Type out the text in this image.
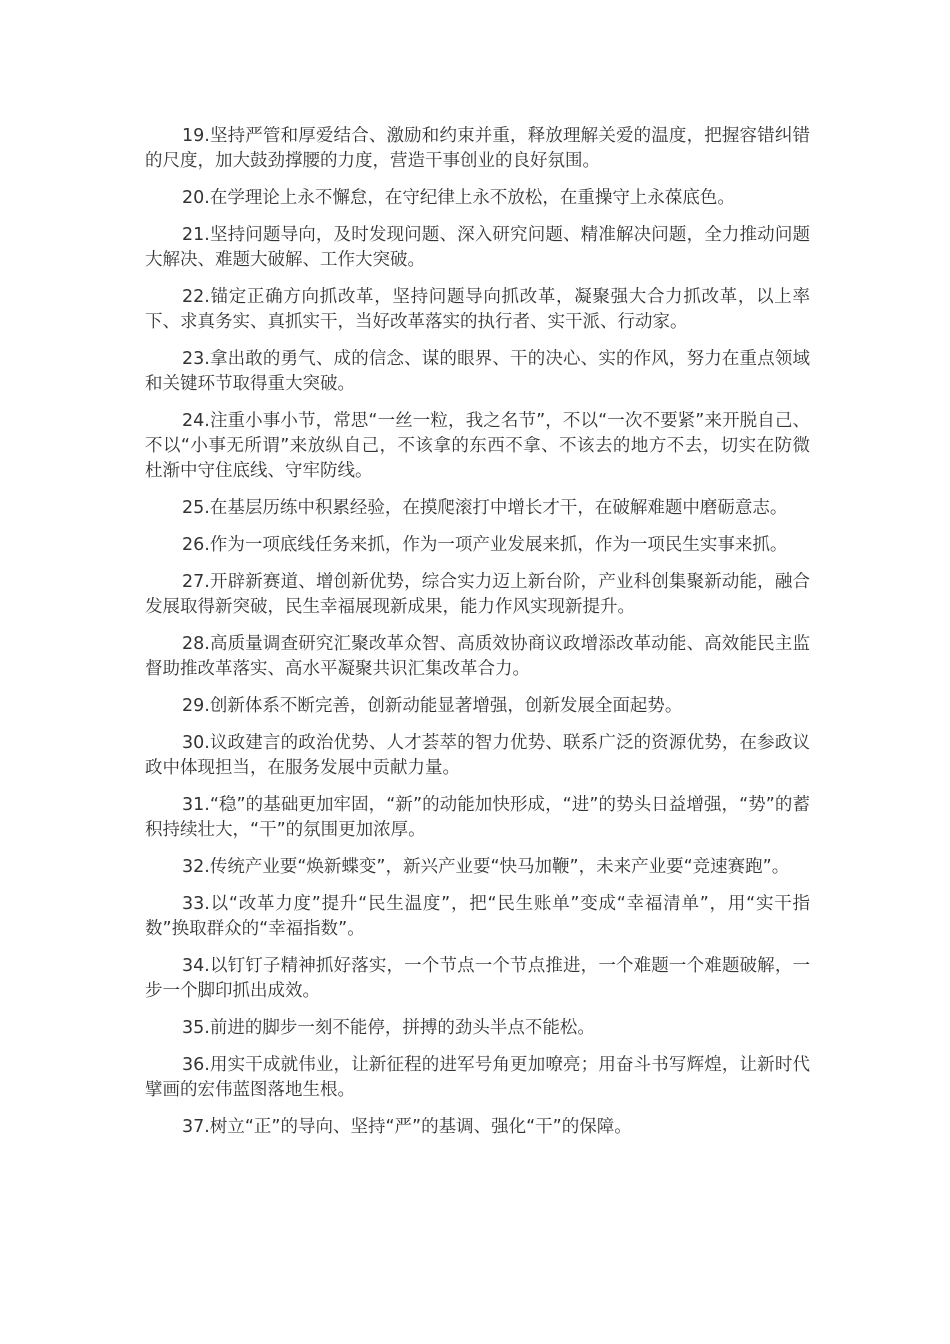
19.坚持严管和厚爱结合、激励和约束并重，释放理解关爱的温度，把握容错纠错的尺度，加大鼓劲撑腰的力度，营造干事创业的良好氛围。

20.在学理论上永不懈怠，在守纪律上永不放松，在重操守上永葆底色。

21.坚持问题导向，及时发现问题、深入研究问题、精准解决问题，全力推动问题大解决、难题大破解、工作大突破。

22.锚定正确方向抓改革，坚持问题导向抓改革，凝聚强大合力抓改革，以上率下、求真务实、真抓实干，当好改革落实的执行者、实干派、行动家。

23.拿出敢的勇气、成的信念、谋的眼界、干的决心、实的作风，努力在重点领域和关键环节取得重大突破。

24.注重小事小节，常思“一丝一粒，我之名节”，不以“一次不要紧”来开脱自己、不以“小事无所谓”来放纵自己，不该拿的东西不拿、不该去的地方不去，切实在防微杜渐中守住底线、守牢防线。

25.在基层历练中积累经验，在摸爬滚打中增长才干，在破解难题中磨砺意志。

26.作为一项底线任务来抓，作为一项产业发展来抓，作为一项民生实事来抓。

27.开辟新赛道、增创新优势，综合实力迈上新台阶，产业科创集聚新动能，融合发展取得新突破，民生幸福展现新成果，能力作风实现新提升。

28.高质量调查研究汇聚改革众智、高质效协商议政增添改革动能、高效能民主监督助推改革落实、高水平凝聚共识汇集改革合力。

29.创新体系不断完善，创新动能显著增强，创新发展全面起势。

30.议政建言的政治优势、人才荟萃的智力优势、联系广泛的资源优势，在参政议政中体现担当，在服务发展中贡献力量。

31.“稳”的基础更加牢固，“新”的动能加快形成，“进”的势头日益增强，“势”的蓄积持续壮大，“干”的氛围更加浓厚。

32.传统产业要“焕新蝶变”，新兴产业要“快马加鞭”，未来产业要“竞速赛跑”。

33.以“改革力度”提升“民生温度”，把“民生账单”变成“幸福清单”，用“实干指数”换取群众的“幸福指数”。

34.以钉钉子精神抓好落实，一个节点一个节点推进，一个难题一个难题破解，一步一个脚印抓出成效。

35.前进的脚步一刻不能停，拼搏的劲头半点不能松。

36.用实干成就伟业，让新征程的进军号角更加嘹亮；用奋斗书写辉煌，让新时代擘画的宏伟蓝图落地生根。

37.树立“正”的导向、坚持“严”的基调、强化“干”的保障。
